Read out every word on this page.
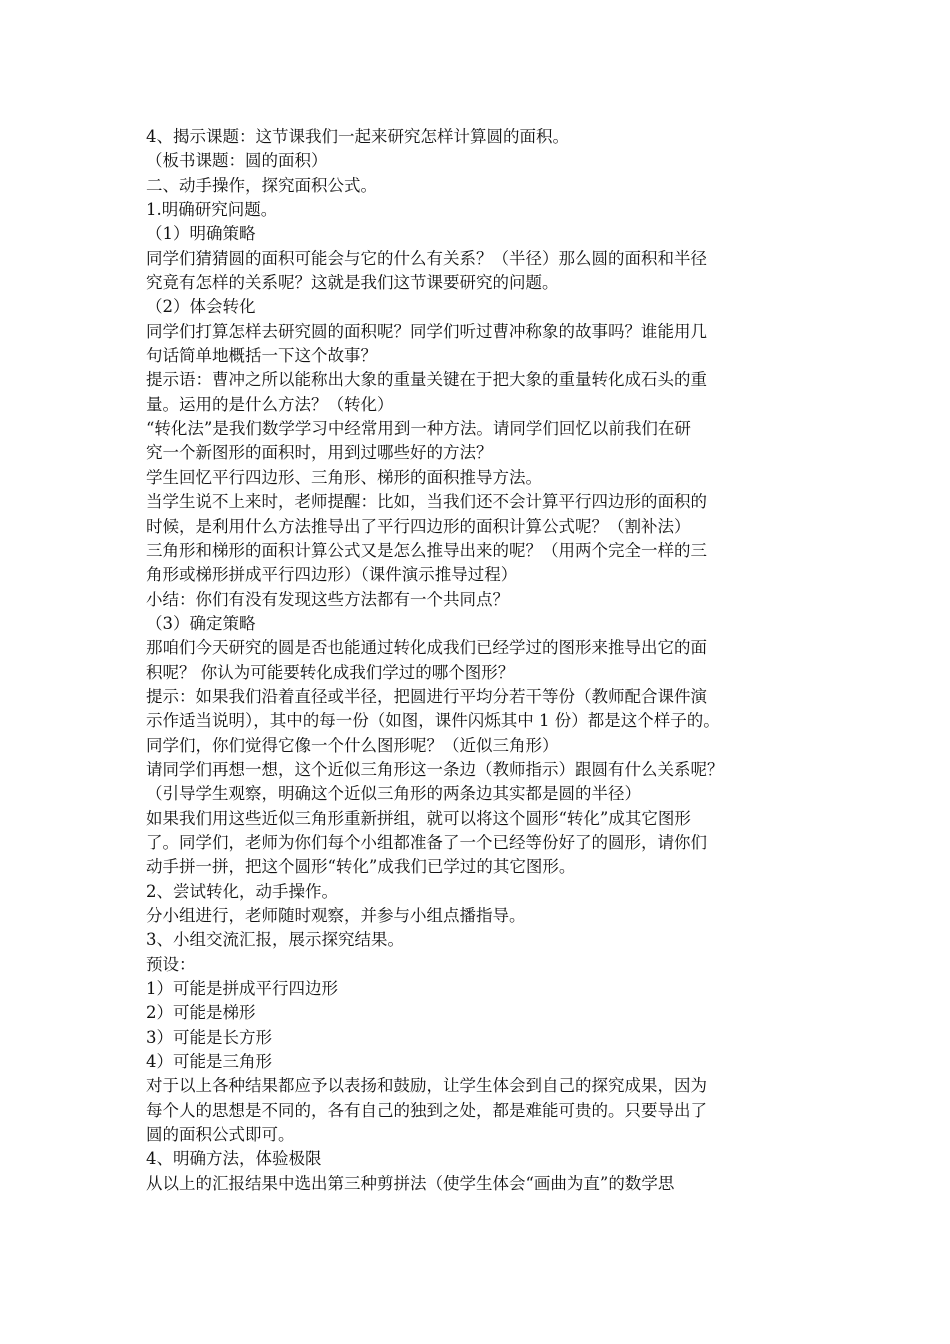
4、揭示课题：这节课我们一起来研究怎样计算圆的面积。
（板书课题：圆的面积）
二、动手操作，探究面积公式。
1.明确研究问题。
（1）明确策略
同学们猜猜圆的面积可能会与它的什么有关系？（半径）那么圆的面积和半径
究竟有怎样的关系呢？这就是我们这节课要研究的问题。
（2）体会转化
同学们打算怎样去研究圆的面积呢？同学们听过曹冲称象的故事吗？谁能用几
句话简单地概括一下这个故事？
提示语：曹冲之所以能称出大象的重量关键在于把大象的重量转化成石头的重
量。运用的是什么方法？（转化）
“转化法”是我们数学学习中经常用到一种方法。请同学们回忆以前我们在研
究一个新图形的面积时，用到过哪些好的方法？
学生回忆平行四边形、三角形、梯形的面积推导方法。
当学生说不上来时，老师提醒：比如，当我们还不会计算平行四边形的面积的
时候，是利用什么方法推导出了平行四边形的面积计算公式呢？（割补法）
三角形和梯形的面积计算公式又是怎么推导出来的呢？（用两个完全一样的三
角形或梯形拼成平行四边形）（课件演示推导过程）
小结：你们有没有发现这些方法都有一个共同点？
（3）确定策略
那咱们今天研究的圆是否也能通过转化成我们已经学过的图形来推导出它的面
积呢？ 你认为可能要转化成我们学过的哪个图形？
提示：如果我们沿着直径或半径，把圆进行平均分若干等份（教师配合课件演
示作适当说明），其中的每一份（如图，课件闪烁其中 1 份）都是这个样子的。
同学们，你们觉得它像一个什么图形呢？（近似三角形）
请同学们再想一想，这个近似三角形这一条边（教师指示）跟圆有什么关系呢？
（引导学生观察，明确这个近似三角形的两条边其实都是圆的半径）
如果我们用这些近似三角形重新拼组，就可以将这个圆形“转化”成其它图形
了。同学们，老师为你们每个小组都准备了一个已经等份好了的圆形，请你们
动手拼一拼，把这个圆形“转化”成我们已学过的其它图形。
2、尝试转化，动手操作。
分小组进行，老师随时观察，并参与小组点播指导。
3、小组交流汇报，展示探究结果。
预设：
1）可能是拼成平行四边形
2）可能是梯形
3）可能是长方形
4）可能是三角形
对于以上各种结果都应予以表扬和鼓励，让学生体会到自己的探究成果，因为
每个人的思想是不同的，各有自己的独到之处，都是难能可贵的。只要导出了
圆的面积公式即可。
4、明确方法，体验极限
从以上的汇报结果中选出第三种剪拼法（使学生体会“画曲为直”的数学思
